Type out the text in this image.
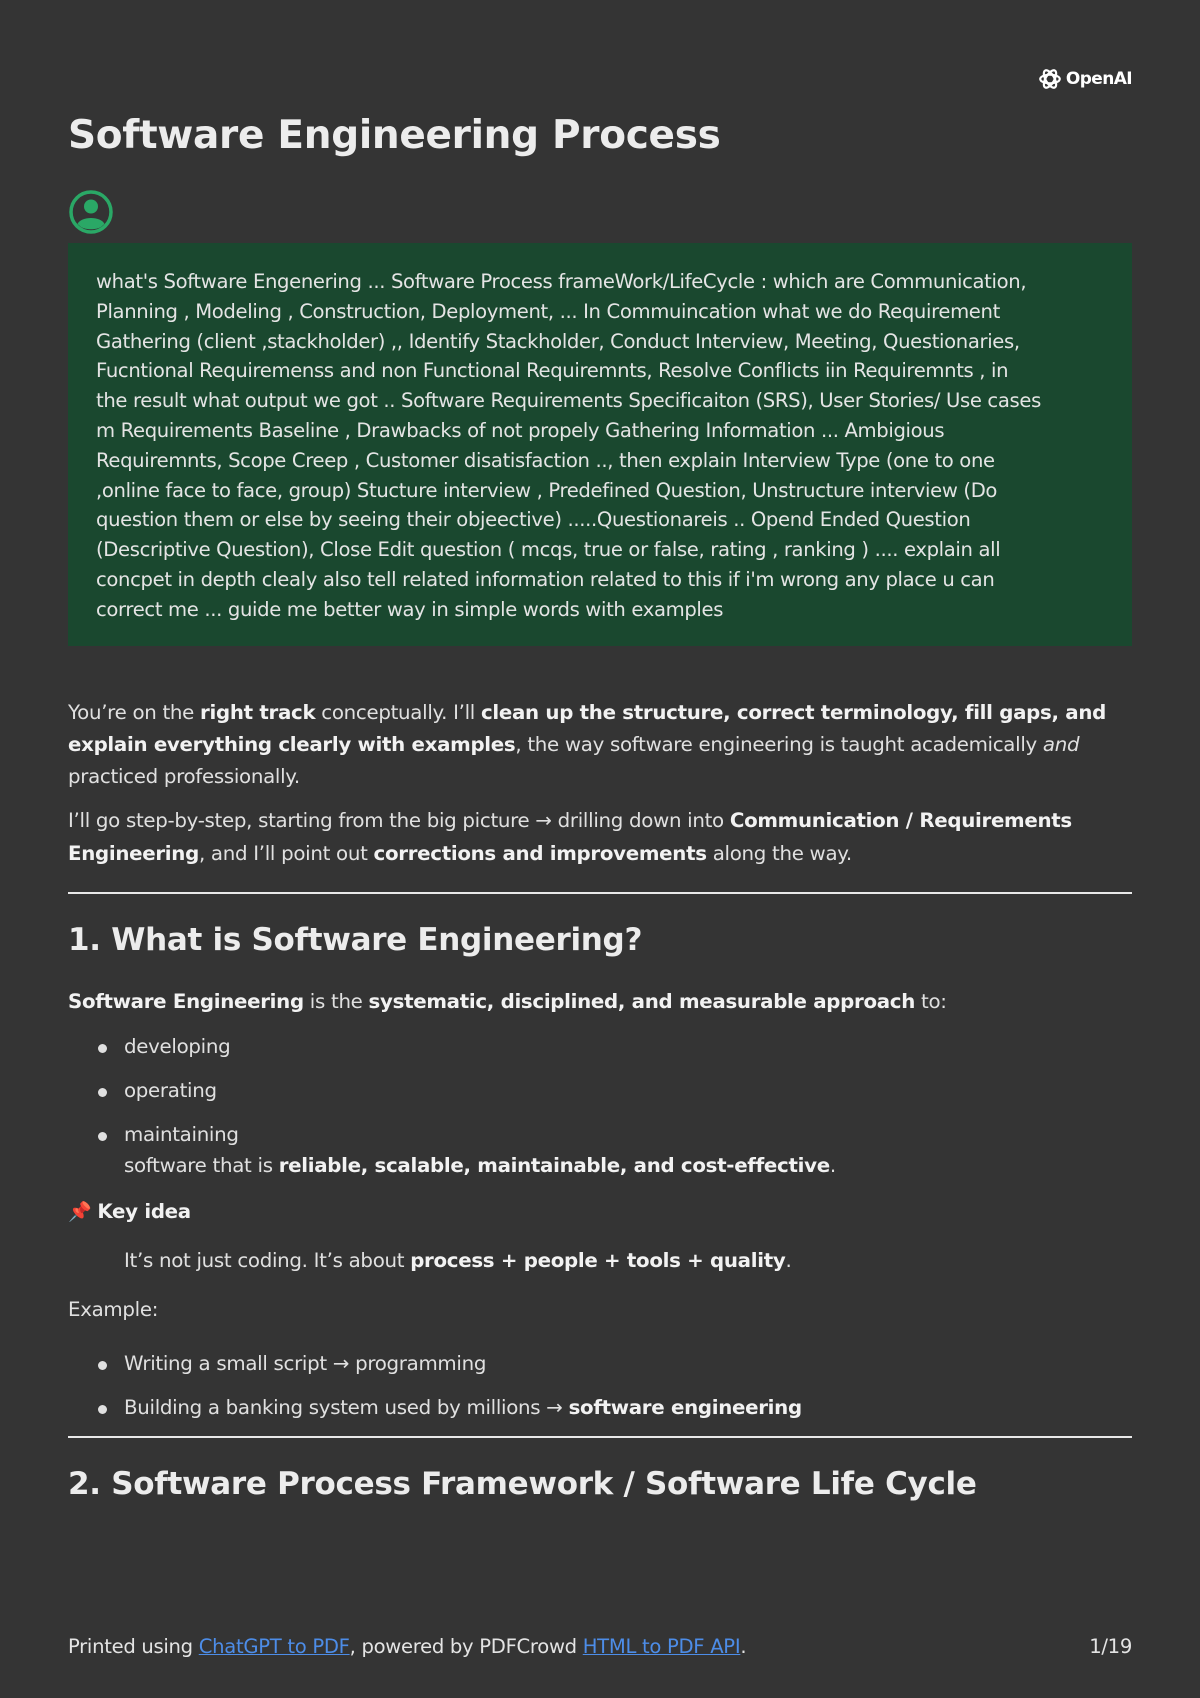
OpenAI
Software Engineering Process
what's Software Engenering ... Software Process frameWork/LifeCycle : which are Communication,
Planning , Modeling , Construction, Deployment, ... In Commuincation what we do Requirement
Gathering (client ,stackholder) ,, Identify Stackholder, Conduct Interview, Meeting, Questionaries,
Fucntional Requiremenss and non Functional Requiremnts, Resolve Conflicts iin Requiremnts , in
the result what output we got .. Software Requirements Specificaiton (SRS), User Stories/ Use cases
m Requirements Baseline , Drawbacks of not propely Gathering Information ... Ambigious
Requiremnts, Scope Creep , Customer disatisfaction .., then explain Interview Type (one to one
,online face to face, group) Stucture interview , Predefined Question, Unstructure interview (Do
question them or else by seeing their objeective) .....Questionareis .. Opend Ended Question
(Descriptive Question), Close Edit question ( mcqs, true or false, rating , ranking ) .... explain all
concpet in depth clealy also tell related information related to this if i'm wrong any place u can
correct me ... guide me better way in simple words with examples

You’re on the right track conceptually. I’ll clean up the structure, correct terminology, fill gaps, and explain everything clearly with examples, the way software engineering is taught academically and practiced professionally.

I’ll go step-by-step, starting from the big picture → drilling down into Communication / Requirements Engineering, and I’ll point out corrections and improvements along the way.

1. What is Software Engineering?

Software Engineering is the systematic, disciplined, and measurable approach to:

developing
operating
maintaining
software that is reliable, scalable, maintainable, and cost-effective.

📌 Key idea

It’s not just coding. It’s about process + people + tools + quality.

Example:

Writing a small script → programming
Building a banking system used by millions → software engineering
2. Software Process Framework / Software Life Cycle
Printed using ChatGPT to PDF, powered by PDFCrowd HTML to PDF API.	1/19
